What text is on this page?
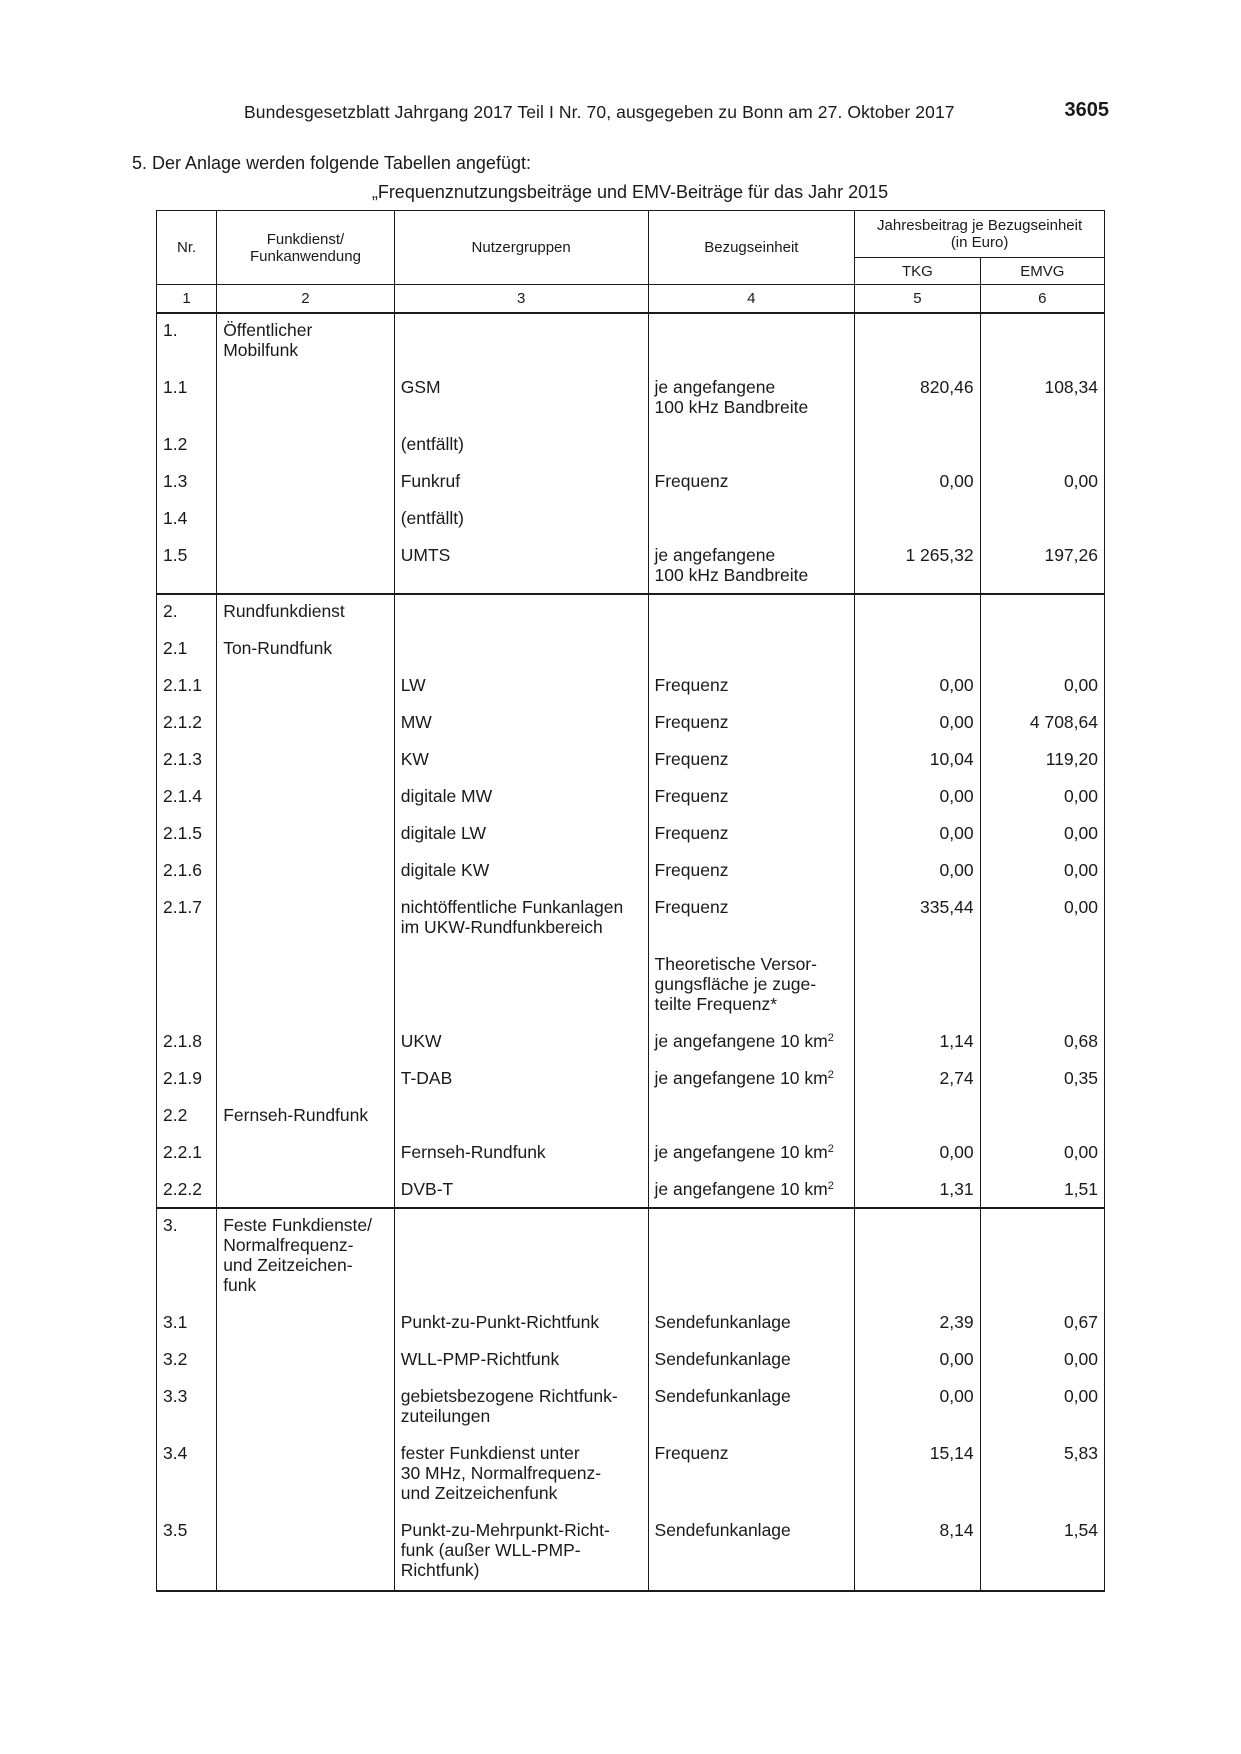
Bundesgesetzblatt Jahrgang 2017 Teil I Nr. 70, ausgegeben zu Bonn am 27. Oktober 2017	3605
5. Der Anlage werden folgende Tabellen angefügt:
„Frequenznutzungsbeiträge und EMV-Beiträge für das Jahr 2015
Nr.	Funkdienst/
Funkanwendung	Nutzergruppen	Bezugseinheit	Jahresbeitrag je Bezugseinheit
(in Euro)	
				TKG	EMVG
1	2	3	4	5	6
1.	Öffentlicher
Mobilfunk				
1.1		GSM	je angefangene
100 kHz Bandbreite	820,46	108,34
1.2		(entfällt)			
1.3		Funkruf	Frequenz	0,00	0,00
1.4		(entfällt)			
1.5		UMTS	je angefangene
100 kHz Bandbreite	1 265,32	197,26
2.	Rundfunkdienst				
2.1	Ton-Rundfunk				
2.1.1		LW	Frequenz	0,00	0,00
2.1.2		MW	Frequenz	0,00	4 708,64
2.1.3		KW	Frequenz	10,04	119,20
2.1.4		digitale MW	Frequenz	0,00	0,00
2.1.5		digitale LW	Frequenz	0,00	0,00
2.1.6		digitale KW	Frequenz	0,00	0,00
2.1.7		nichtöffentliche Funkanlagen
im UKW-Rundfunkbereich	Frequenz	335,44	0,00
			Theoretische Versor-
gungsfläche je zuge-
teilte Frequenz*		
2.1.8		UKW	je angefangene 10 $km^2$	1,14	0,68
2.1.9		T-DAB	je angefangene 10 $km^2$	2,74	0,35
2.2	Fernseh-Rundfunk				
2.2.1		Fernseh-Rundfunk	je angefangene 10 $km^2$	0,00	0,00
2.2.2		DVB-T	je angefangene 10 $km^2$	1,31	1,51
3.	Feste Funkdienste/
Normalfrequenz-
und Zeitzeichen-
funk				
3.1		Punkt-zu-Punkt-Richtfunk	Sendefunkanlage	2,39	0,67
3.2		WLL-PMP-Richtfunk	Sendefunkanlage	0,00	0,00
3.3		gebietsbezogene Richtfunk-
zuteilungen	Sendefunkanlage	0,00	0,00
3.4		fester Funkdienst unter
30 MHz, Normalfrequenz-
und Zeitzeichenfunk	Frequenz	15,14	5,83
3.5		Punkt-zu-Mehrpunkt-Richt-
funk (außer WLL-PMP-
Richtfunk)	Sendefunkanlage	8,14	1,54
